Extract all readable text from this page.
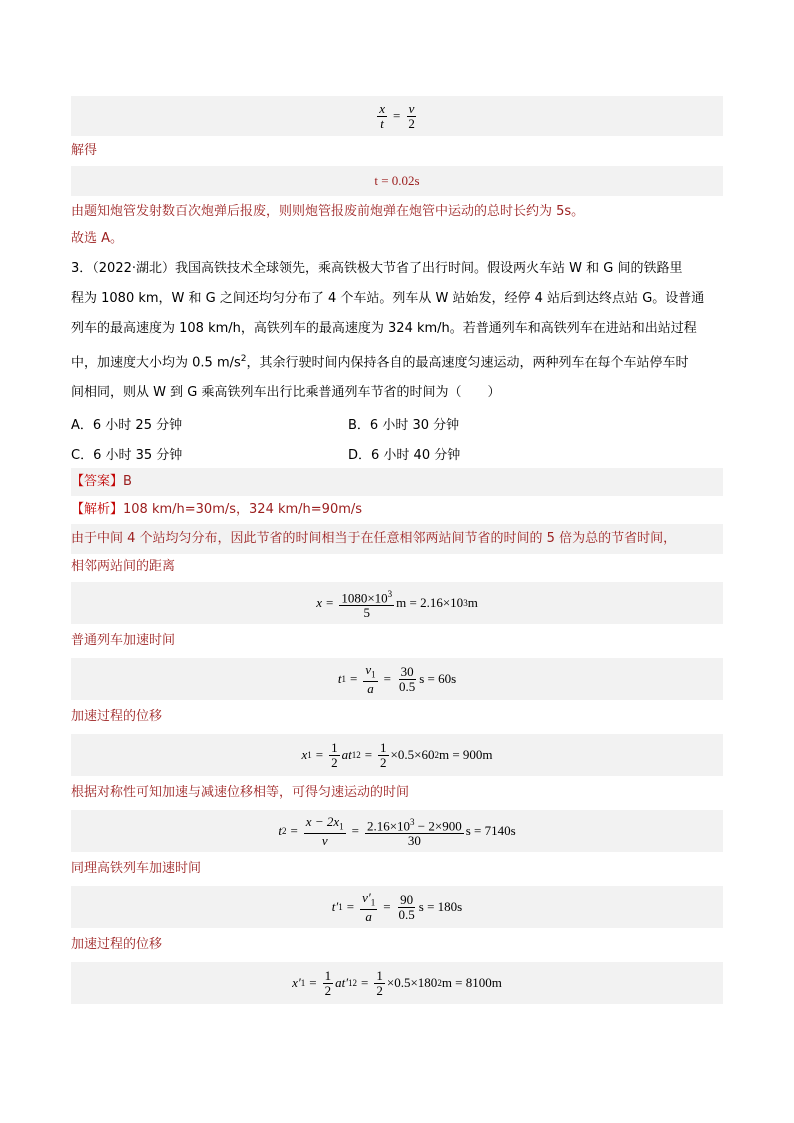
$\frac{x}{t} = \frac{v}{2}$
解得
t = 0.02s
由题知炮管发射数百次炮弹后报废，则则炮管报废前炮弹在炮管中运动的总时长约为 5s。
故选 A。
3．（2022·湖北）我国高铁技术全球领先，乘高铁极大节省了出行时间。假设两火车站 W 和 G 间的铁路里
程为 1080 km，W 和 G 之间还均匀分布了 4 个车站。列车从 W 站始发，经停 4 站后到达终点站 G。设普通
列车的最高速度为 108 km/h，高铁列车的最高速度为 324 km/h。若普通列车和高铁列车在进站和出站过程
中，加速度大小均为 0.5 $m/s^2$，其余行驶时间内保持各自的最高速度匀速运动，两种列车在每个车站停车时
间相同，则从 W 到 G 乘高铁列车出行比乘普通列车节省的时间为（　　）
A．6 小时 25 分钟	B．6 小时 30 分钟
C．6 小时 35 分钟	D．6 小时 40 分钟
【答案】 B
【解析】 108 km/h=30m/s，324 km/h=90m/s
由于中间 4 个站均匀分布，因此节省的时间相当于在任意相邻两站间节省的时间的 5 倍为总的节省时间，
相邻两站间的距离
$x = \frac{1080\times 10^3}{5}$ m = 2.16×10 3 m
普通列车加速时间
t $1 = \frac{v_1}{a} = \frac{30}{0.5}$ s = 60s
加速过程的位移
x $1 = \frac{1}{2}$ at 1 $2 = \frac{1}{2} \times 0.5\times 60$ 2 m = 900m
根据对称性可知加速与减速位移相等，可得匀速运动的时间
t $2 = \frac{x - 2x_1}{v} = \frac{2.16\times 10^3 - 2\times 900}{30}$ s = 7140s
同理高铁列车加速时间
t′ $1 = \frac{v'_1}{a} = \frac{90}{0.5}$ s = 180s
加速过程的位移
x′ $1 = \frac{1}{2} at'$ 1 $2 = \frac{1}{2} \times 0.5\times 180$ 2 m = 8100m
